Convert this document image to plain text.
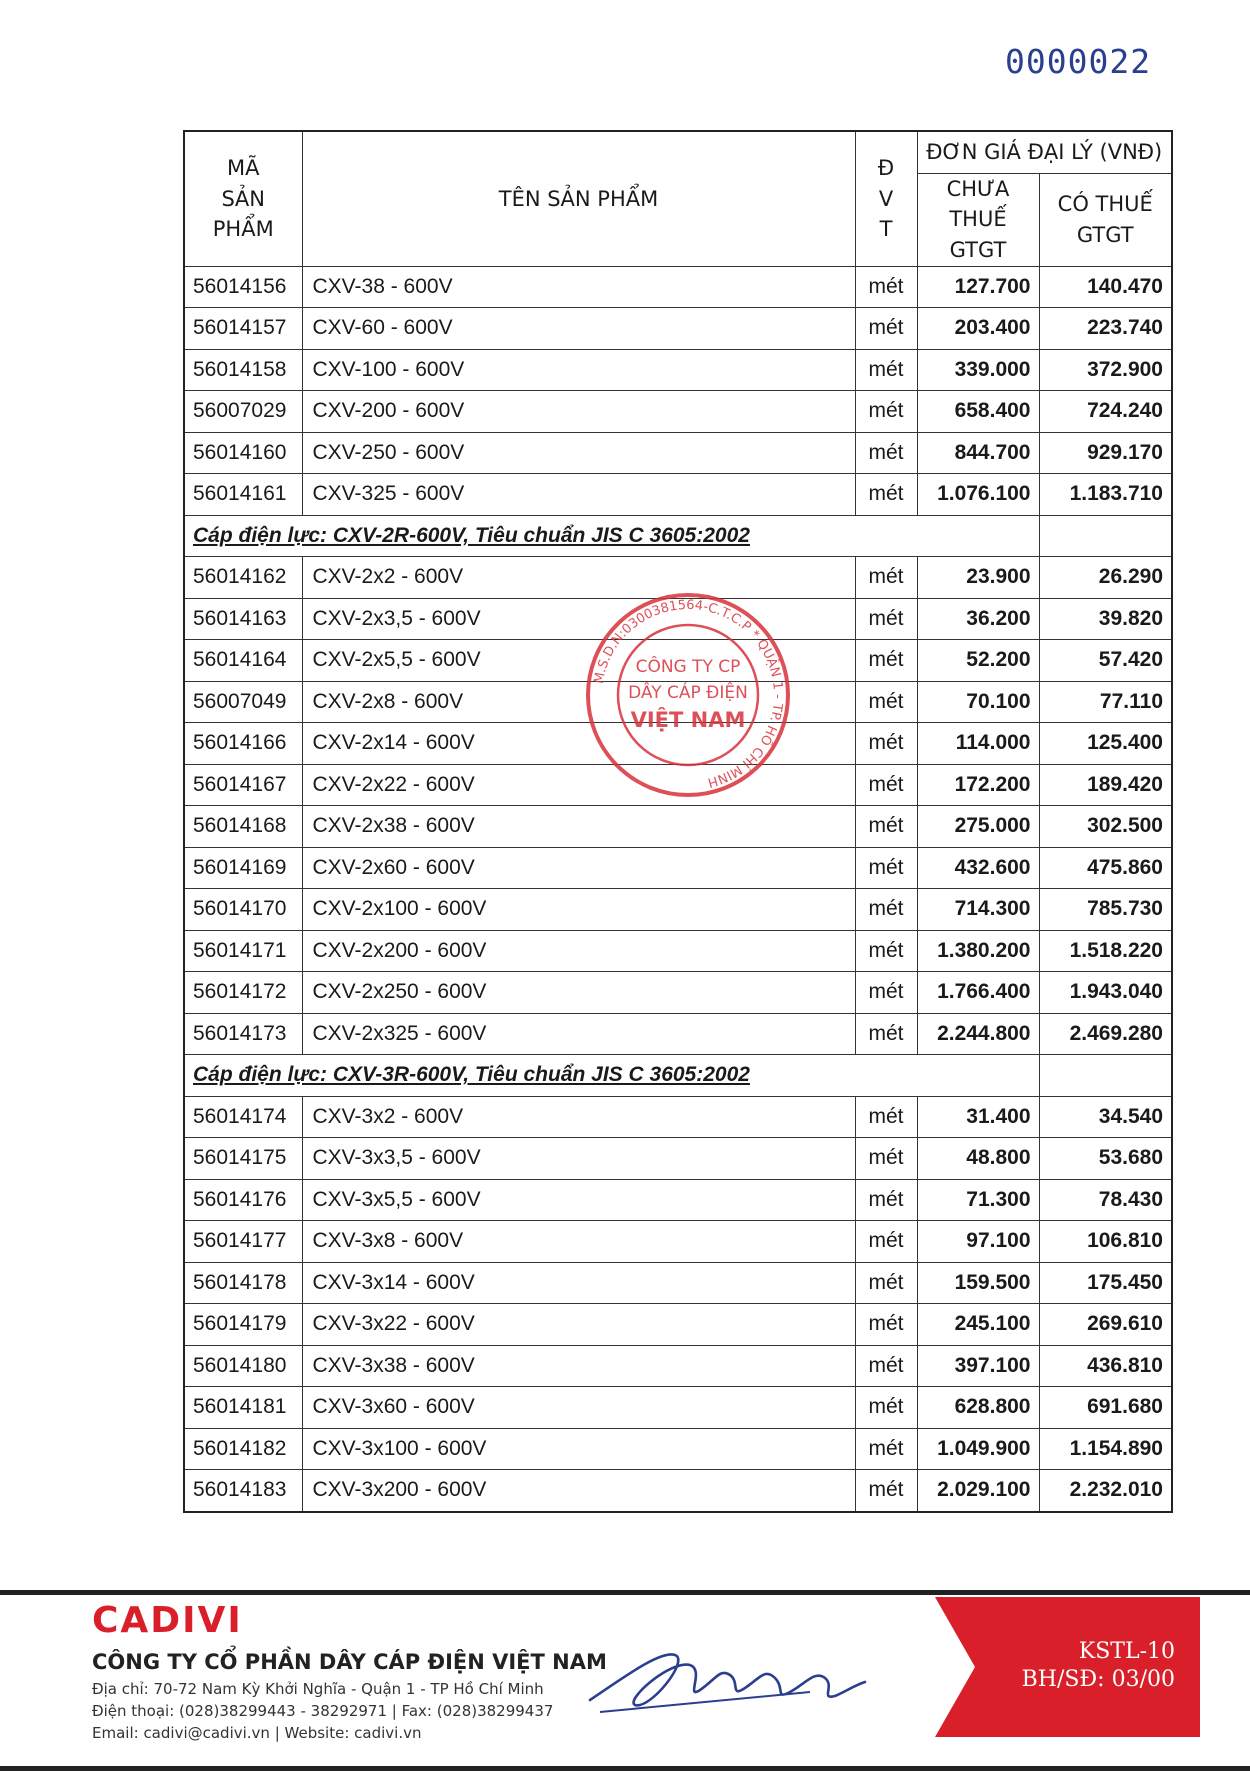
0000022
MÃ
SẢN
PHẨM	TÊN SẢN PHẨM	Đ
V
T	ĐƠN GIÁ ĐẠI LÝ (VNĐ)	
			CHƯA
THUẾ
GTGT	CÓ THUẾ
GTGT
56014156	CXV-38 - 600V	mét	127.700	140.470
56014157	CXV-60 - 600V	mét	203.400	223.740
56014158	CXV-100 - 600V	mét	339.000	372.900
56007029	CXV-200 - 600V	mét	658.400	724.240
56014160	CXV-250 - 600V	mét	844.700	929.170
56014161	CXV-325 - 600V	mét	1.076.100	1.183.710
Cáp điện lực: CXV-2R-600V, Tiêu chuẩn JIS C 3605:2002				
56014162	CXV-2x2 - 600V	mét	23.900	26.290
56014163	CXV-2x3,5 - 600V	mét	36.200	39.820
56014164	CXV-2x5,5 - 600V	mét	52.200	57.420
56007049	CXV-2x8 - 600V	mét	70.100	77.110
56014166	CXV-2x14 - 600V	mét	114.000	125.400
56014167	CXV-2x22 - 600V	mét	172.200	189.420
56014168	CXV-2x38 - 600V	mét	275.000	302.500
56014169	CXV-2x60 - 600V	mét	432.600	475.860
56014170	CXV-2x100 - 600V	mét	714.300	785.730
56014171	CXV-2x200 - 600V	mét	1.380.200	1.518.220
56014172	CXV-2x250 - 600V	mét	1.766.400	1.943.040
56014173	CXV-2x325 - 600V	mét	2.244.800	2.469.280
Cáp điện lực: CXV-3R-600V, Tiêu chuẩn JIS C 3605:2002				
56014174	CXV-3x2 - 600V	mét	31.400	34.540
56014175	CXV-3x3,5 - 600V	mét	48.800	53.680
56014176	CXV-3x5,5 - 600V	mét	71.300	78.430
56014177	CXV-3x8 - 600V	mét	97.100	106.810
56014178	CXV-3x14 - 600V	mét	159.500	175.450
56014179	CXV-3x22 - 600V	mét	245.100	269.610
56014180	CXV-3x38 - 600V	mét	397.100	436.810
56014181	CXV-3x60 - 600V	mét	628.800	691.680
56014182	CXV-3x100 - 600V	mét	1.049.900	1.154.890
56014183	CXV-3x200 - 600V	mét	2.029.100	2.232.010
M.S.D.N:0300381564-C.T.C.P * QUẬN 1 - TP. HỒ CHÍ MINH
CÔNG TY CP
DÂY CÁP ĐIỆN
VIỆT NAM
CADIVI
CÔNG TY CỔ PHẦN DÂY CÁP ĐIỆN VIỆT NAM
Địa chỉ: 70-72 Nam Kỳ Khởi Nghĩa - Quận 1 - TP Hồ Chí Minh
Điện thoại: (028)38299443 - 38292971 | Fax: (028)38299437
Email: cadivi@cadivi.vn | Website: cadivi.vn
KSTL-10
BH/SĐ: 03/00
